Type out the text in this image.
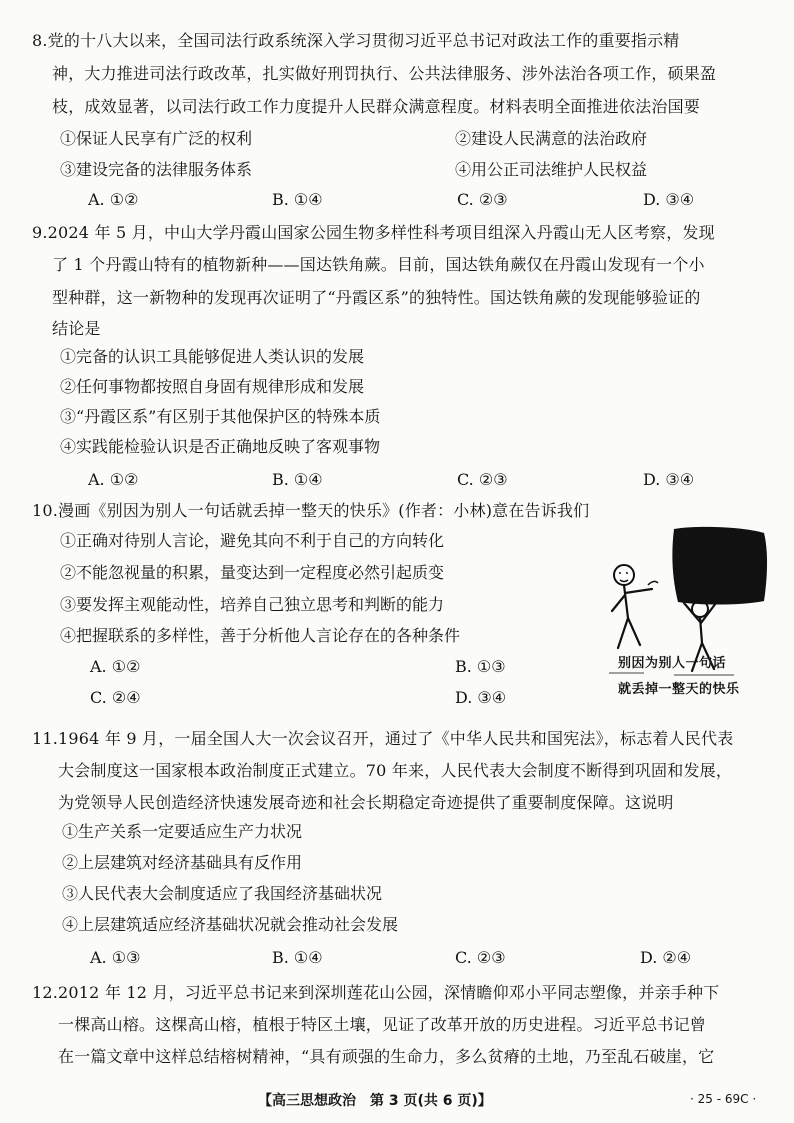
8.党的十八大以来，全国司法行政系统深入学习贯彻习近平总书记对政法工作的重要指示精
神，大力推进司法行政改革，扎实做好刑罚执行、公共法律服务、涉外法治各项工作，硕果盈
枝，成效显著，以司法行政工作力度提升人民群众满意程度。材料表明全面推进依法治国要
①保证人民享有广泛的权利	②建设人民满意的法治政府
③建设完备的法律服务体系	④用公正司法维护人民权益
A. ①②	B. ①④	C. ②③	D. ③④
9.2024 年 5 月，中山大学丹霞山国家公园生物多样性科考项目组深入丹霞山无人区考察，发现
了 1 个丹霞山特有的植物新种——国达铁角蕨。目前，国达铁角蕨仅在丹霞山发现有一个小
型种群，这一新物种的发现再次证明了“丹霞区系”的独特性。国达铁角蕨的发现能够验证的
结论是
①完备的认识工具能够促进人类认识的发展
②任何事物都按照自身固有规律形成和发展
③“丹霞区系”有区别于其他保护区的特殊本质
④实践能检验认识是否正确地反映了客观事物
A. ①②	B. ①④	C. ②③	D. ③④
10.漫画《别因为别人一句话就丢掉一整天的快乐》(作者：小林)意在告诉我们
①正确对待别人言论，避免其向不利于自己的方向转化
②不能忽视量的积累，量变达到一定程度必然引起质变
③要发挥主观能动性，培养自己独立思考和判断的能力
④把握联系的多样性，善于分析他人言论存在的各种条件
A. ①②	B. ①③
C. ②④	D. ③④
别因为别人一句话
就丢掉一整天的快乐
11.1964 年 9 月，一届全国人大一次会议召开，通过了《中华人民共和国宪法》，标志着人民代表
大会制度这一国家根本政治制度正式建立。70 年来，人民代表大会制度不断得到巩固和发展，
为党领导人民创造经济快速发展奇迹和社会长期稳定奇迹提供了重要制度保障。这说明
①生产关系一定要适应生产力状况
②上层建筑对经济基础具有反作用
③人民代表大会制度适应了我国经济基础状况
④上层建筑适应经济基础状况就会推动社会发展
A. ①③	B. ①④	C. ②③	D. ②④
12.2012 年 12 月，习近平总书记来到深圳莲花山公园，深情瞻仰邓小平同志塑像，并亲手种下
一棵高山榕。这棵高山榕，植根于特区土壤，见证了改革开放的历史进程。习近平总书记曾
在一篇文章中这样总结榕树精神，“具有顽强的生命力，多么贫瘠的土地，乃至乱石破崖，它
【高三思想政治　第 3 页(共 6 页)】	· 25 - 69C ·
